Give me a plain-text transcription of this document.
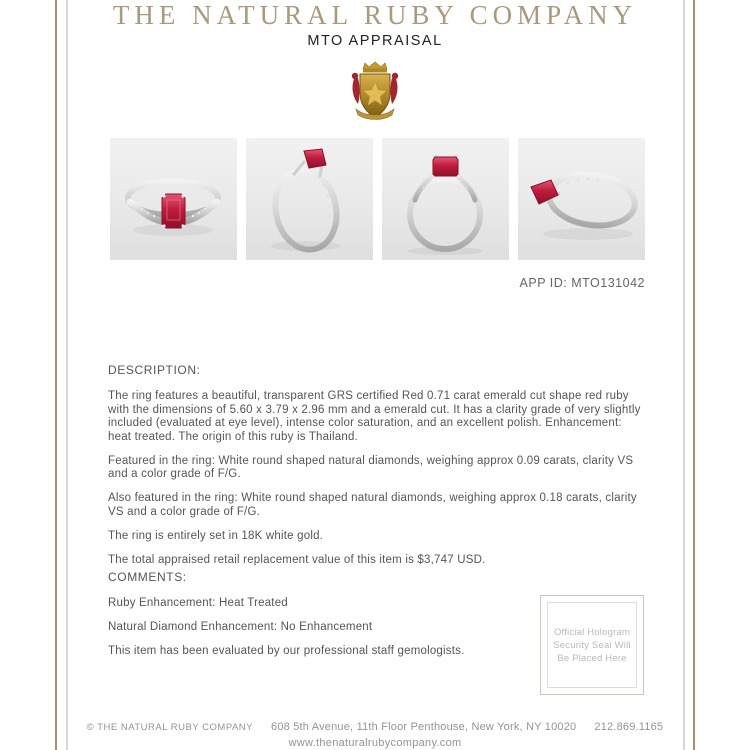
THE NATURAL RUBY COMPANY
MTO APPRAISAL
APP ID: MTO131042
DESCRIPTION:

The ring features a beautiful, transparent GRS certified Red 0.71 carat emerald cut shape red ruby with the dimensions of 5.60 x 3.79 x 2.96 mm and a emerald cut. It has a clarity grade of very slightly included (evaluated at eye level), intense color saturation, and an excellent polish. Enhancement: heat treated. The origin of this ruby is Thailand.

Featured in the ring: White round shaped natural diamonds, weighing approx 0.09 carats, clarity VS and a color grade of F/G.

Also featured in the ring: White round shaped natural diamonds, weighing approx 0.18 carats, clarity VS and a color grade of F/G.

The ring is entirely set in 18K white gold.

The total appraised retail replacement value of this item is $3,747 USD.

COMMENTS:
Ruby Enhancement: Heat Treated
Natural Diamond Enhancement: No Enhancement
This item has been evaluated by our professional staff gemologists.
Official Hologram
Security Seal Will
Be Placed Here
© THE NATURAL RUBY COMPANY 608 5th Avenue, 11th Floor Penthouse, New York, NY 10020 212.869.1165
www.thenaturalrubycompany.com
